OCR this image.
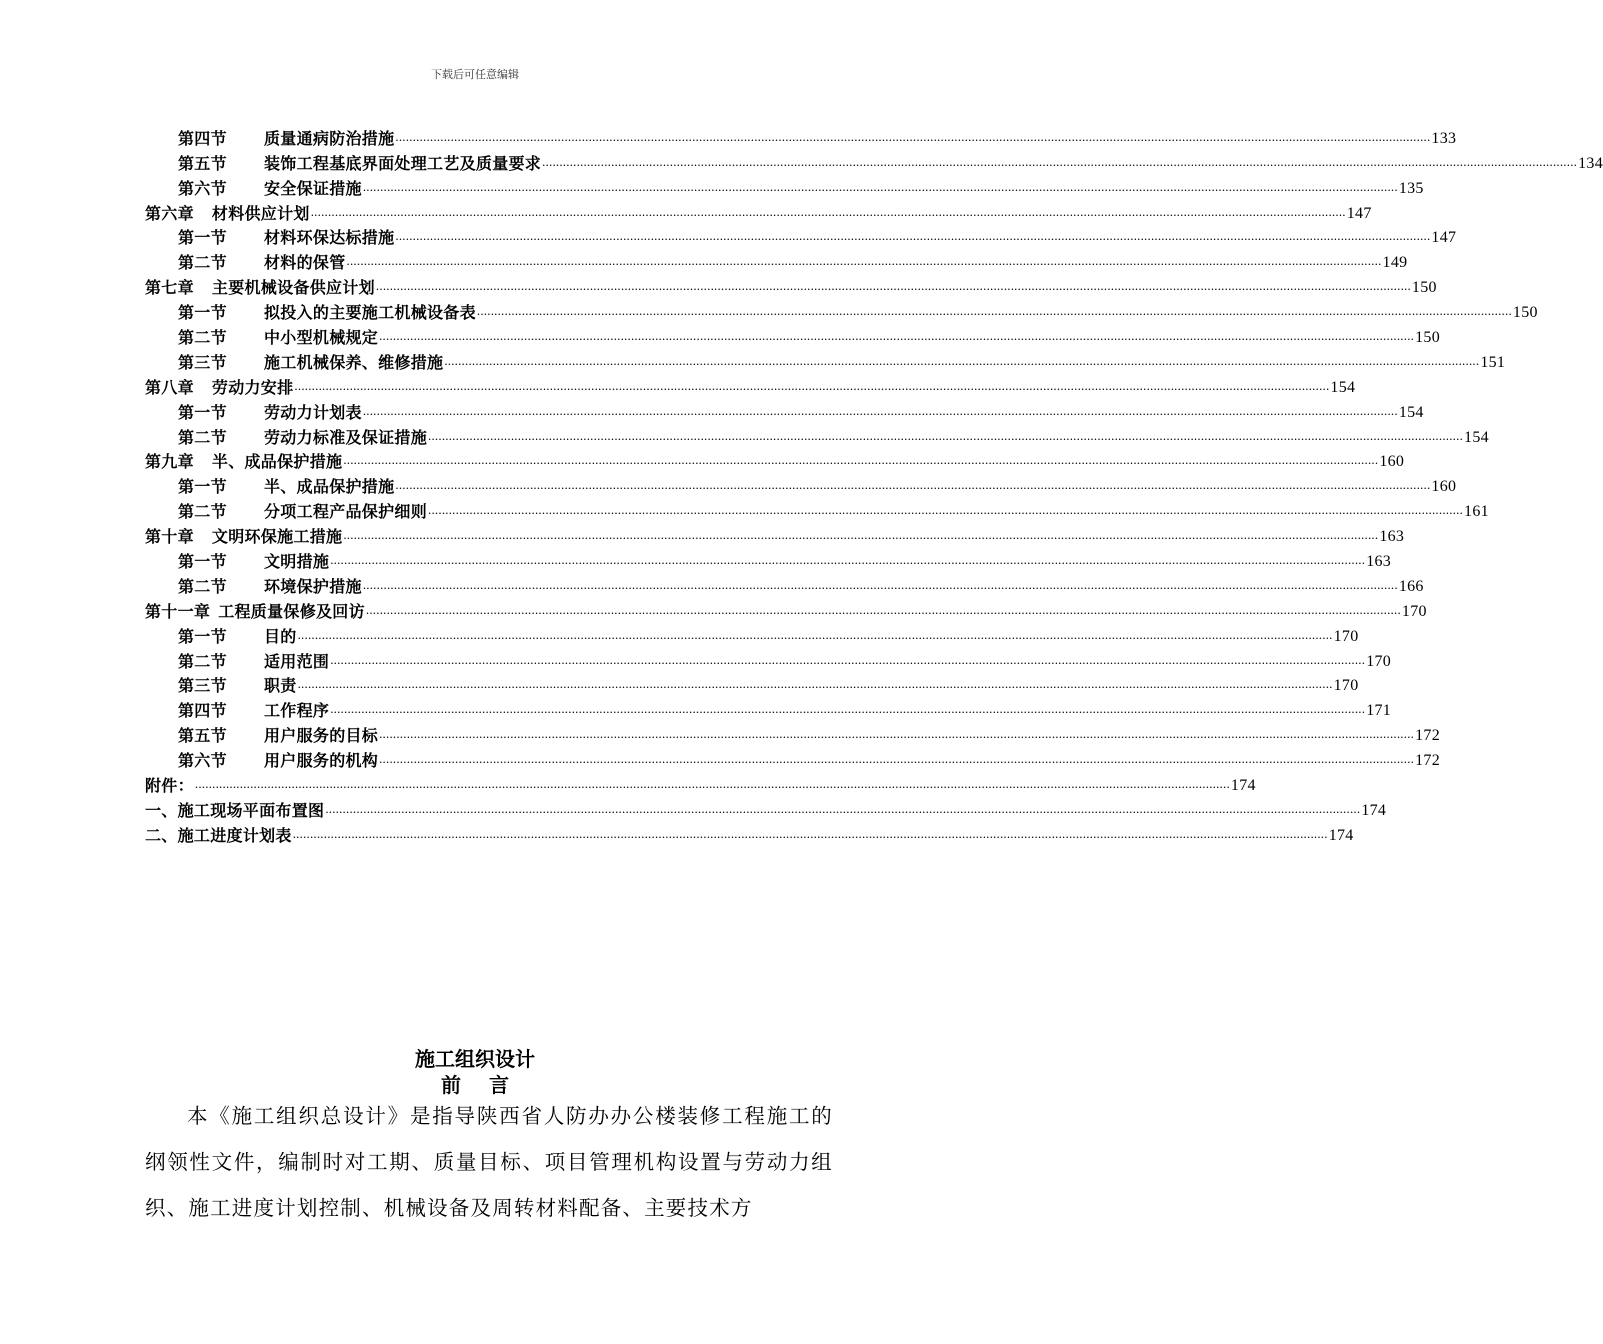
下载后可任意编辑
第四节	质量通病防治措施 ............................................................................................................................................................................................................................................................................................................ 133
第五节	装饰工程基底界面处理工艺及质量要求 ............................................................................................................................................................................................................................................................................................................ 134
第六节	安全保证措施 ............................................................................................................................................................................................................................................................................................................ 135
第六章 材料供应计划 ............................................................................................................................................................................................................................................................................................................ 147
第一节	材料环保达标措施 ............................................................................................................................................................................................................................................................................................................ 147
第二节	材料的保管 ............................................................................................................................................................................................................................................................................................................ 149
第七章 主要机械设备供应计划 ............................................................................................................................................................................................................................................................................................................ 150
第一节	拟投入的主要施工机械设备表 ............................................................................................................................................................................................................................................................................................................ 150
第二节	中小型机械规定 ............................................................................................................................................................................................................................................................................................................ 150
第三节	施工机械保养、维修措施 ............................................................................................................................................................................................................................................................................................................ 151
第八章 劳动力安排 ............................................................................................................................................................................................................................................................................................................ 154
第一节	劳动力计划表 ............................................................................................................................................................................................................................................................................................................ 154
第二节	劳动力标准及保证措施 ............................................................................................................................................................................................................................................................................................................ 154
第九章 半、成品保护措施 ............................................................................................................................................................................................................................................................................................................ 160
第一节	半、成品保护措施 ............................................................................................................................................................................................................................................................................................................ 160
第二节	分项工程产品保护细则 ............................................................................................................................................................................................................................................................................................................ 161
第十章 文明环保施工措施 ............................................................................................................................................................................................................................................................................................................ 163
第一节	文明措施 ............................................................................................................................................................................................................................................................................................................ 163
第二节	环境保护措施 ............................................................................................................................................................................................................................................................................................................ 166
第十一章 工程质量保修及回访 ............................................................................................................................................................................................................................................................................................................ 170
第一节	目的 ............................................................................................................................................................................................................................................................................................................ 170
第二节	适用范围 ............................................................................................................................................................................................................................................................................................................ 170
第三节	职责 ............................................................................................................................................................................................................................................................................................................ 170
第四节	工作程序 ............................................................................................................................................................................................................................................................................................................ 171
第五节	用户服务的目标 ............................................................................................................................................................................................................................................................................................................ 172
第六节	用户服务的机构 ............................................................................................................................................................................................................................................................................................................ 172
附件： ............................................................................................................................................................................................................................................................................................................ 174
一、施工现场平面布置图 ............................................................................................................................................................................................................................................................................................................ 174
二、施工进度计划表 ............................................................................................................................................................................................................................................................................................................ 174
施工组织设计
前言
本《施工组织总设计》是指导陕西省人防办办公楼装修工程施工的纲领性文件，编制时对工期、质量目标、项目管理机构设置与劳动力组织、施工进度计划控制、机械设备及周转材料配备、主要技术方
